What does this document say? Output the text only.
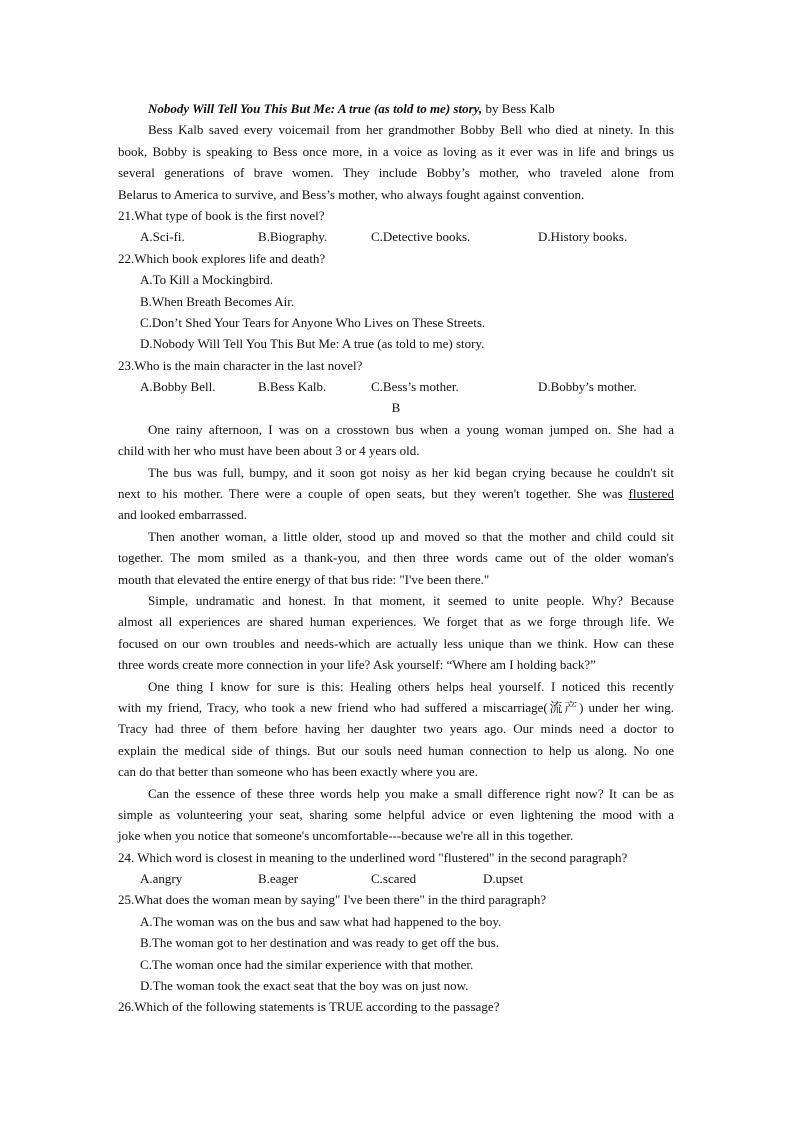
Nobody Will Tell You This But Me: A true (as told to me) story, by Bess Kalb
Bess Kalb saved every voicemail from her grandmother Bobby Bell who died at ninety. In this
book, Bobby is speaking to Bess once more, in a voice as loving as it ever was in life and brings us
several generations of brave women. They include Bobby’s mother, who traveled alone from
Belarus to America to survive, and Bess’s mother, who always fought against convention.
21.What type of book is the first novel?
A.Sci-fi.	B.Biography.	C.Detective books.	D.History books.
22.Which book explores life and death?
A.To Kill a Mockingbird.
B.When Breath Becomes Air.
C.Don’t Shed Your Tears for Anyone Who Lives on These Streets.
D.Nobody Will Tell You This But Me: A true (as told to me) story.
23.Who is the main character in the last novel?
A.Bobby Bell.	B.Bess Kalb.	C.Bess’s mother.	D.Bobby’s mother.
B
One rainy afternoon, I was on a crosstown bus when a young woman jumped on. She had a
child with her who must have been about 3 or 4 years old.
The bus was full, bumpy, and it soon got noisy as her kid began crying because he couldn't sit
next to his mother. There were a couple of open seats, but they weren't together. She was flustered
and looked embarrassed.
Then another woman, a little older, stood up and moved so that the mother and child could sit
together. The mom smiled as a thank-you, and then three words came out of the older woman's
mouth that elevated the entire energy of that bus ride: "I've been there."
Simple, undramatic and honest. In that moment, it seemed to unite people. Why? Because
almost all experiences are shared human experiences. We forget that as we forge through life. We
focused on our own troubles and needs-which are actually less unique than we think. How can these
three words create more connection in your life? Ask yourself: “Where am I holding back?”
One thing I know for sure is this: Healing others helps heal yourself. I noticed this recently
with my friend, Tracy, who took a new friend who had suffered a miscarriage(流产) under her wing.
Tracy had three of them before having her daughter two years ago. Our minds need a doctor to
explain the medical side of things. But our souls need human connection to help us along. No one
can do that better than someone who has been exactly where you are.
Can the essence of these three words help you make a small difference right now? It can be as
simple as volunteering your seat, sharing some helpful advice or even lightening the mood with a
joke when you notice that someone's uncomfortable---because we're all in this together.
24. Which word is closest in meaning to the underlined word "flustered" in the second paragraph?
A.angry	B.eager	C.scared	D.upset
25.What does the woman mean by saying" I've been there" in the third paragraph?
A.The woman was on the bus and saw what had happened to the boy.
B.The woman got to her destination and was ready to get off the bus.
C.The woman once had the similar experience with that mother.
D.The woman took the exact seat that the boy was on just now.
26.Which of the following statements is TRUE according to the passage?
